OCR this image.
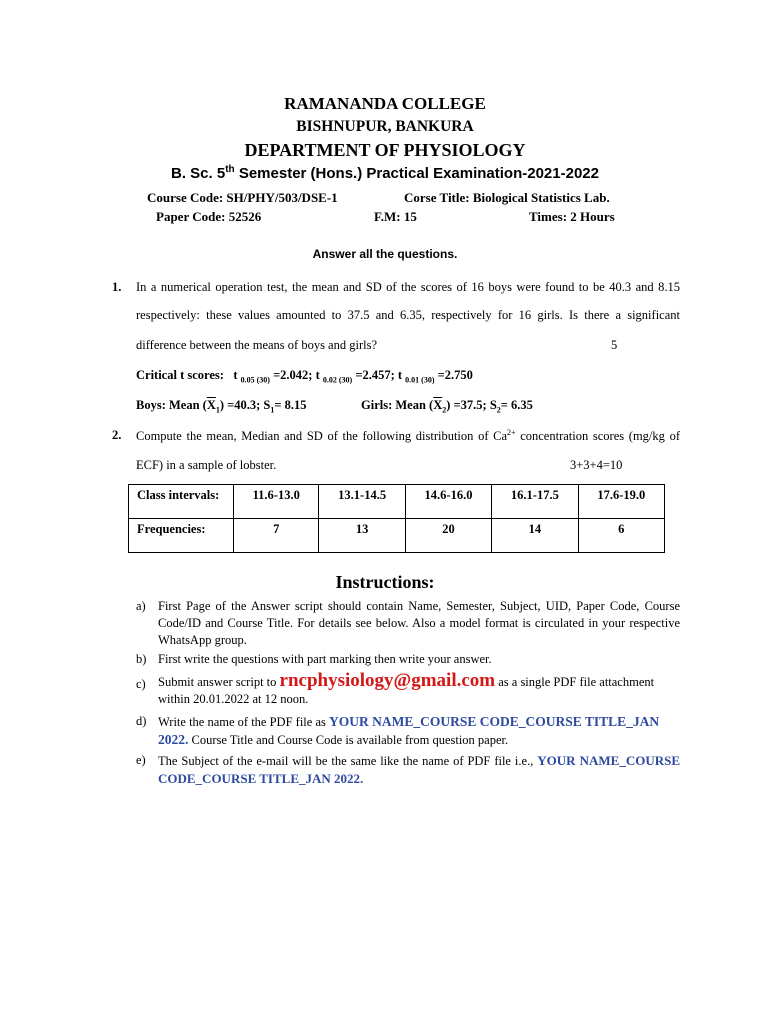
RAMANANDA COLLEGE
BISHNUPUR, BANKURA
DEPARTMENT OF PHYSIOLOGY
B. Sc. 5th Semester (Hons.) Practical Examination-2021-2022
Course Code: SH/PHY/503/DSE-1	Corse Title: Biological Statistics Lab.
Paper Code: 52526	F.M: 15	Times: 2 Hours
Answer all the questions.
1. In a numerical operation test, the mean and SD of the scores of 16 boys were found to be 40.3 and 8.15
respectively: these values amounted to 37.5 and 6.35, respectively for 16 girls. Is there a significant
difference between the means of boys and girls?	5
Critical t scores:   t $_{0.05 (30)}$ =2.042; t $_{0.02 (30)}$ =2.457; t $_{0.01 (30)}$ =2.750
Boys: Mean $(\overline{X}_1) =40.3$; $S_1= 8.15$	Girls: Mean $(\overline{X}_2) =37.5$; $S_2= 6.35$
2. Compute the mean, Median and SD of the following distribution of $Ca^{2+}$ concentration scores (mg/kg of
ECF) in a sample of lobster.	3+3+4=10
Class intervals:	11.6-13.0	13.1-14.5	14.6-16.0	16.1-17.5	17.6-19.0
Frequencies:	7	13	20	14	6
Instructions:
a) First Page of the Answer script should contain Name, Semester, Subject, UID, Paper Code, Course Code/ID and Course Title. For details see below. Also a model format is circulated in your respective WhatsApp group.
b) First write the questions with part marking then write your answer.
c) Submit answer script to rncphysiology@gmail.com as a single PDF file attachment
within 20.01.2022 at 12 noon.
d) Write the name of the PDF file as YOUR NAME_COURSE CODE_COURSE TITLE_JAN 2022. Course Title and Course Code is available from question paper.
e) The Subject of the e-mail will be the same like the name of PDF file i.e., YOUR NAME_COURSE CODE_COURSE TITLE_JAN 2022.
